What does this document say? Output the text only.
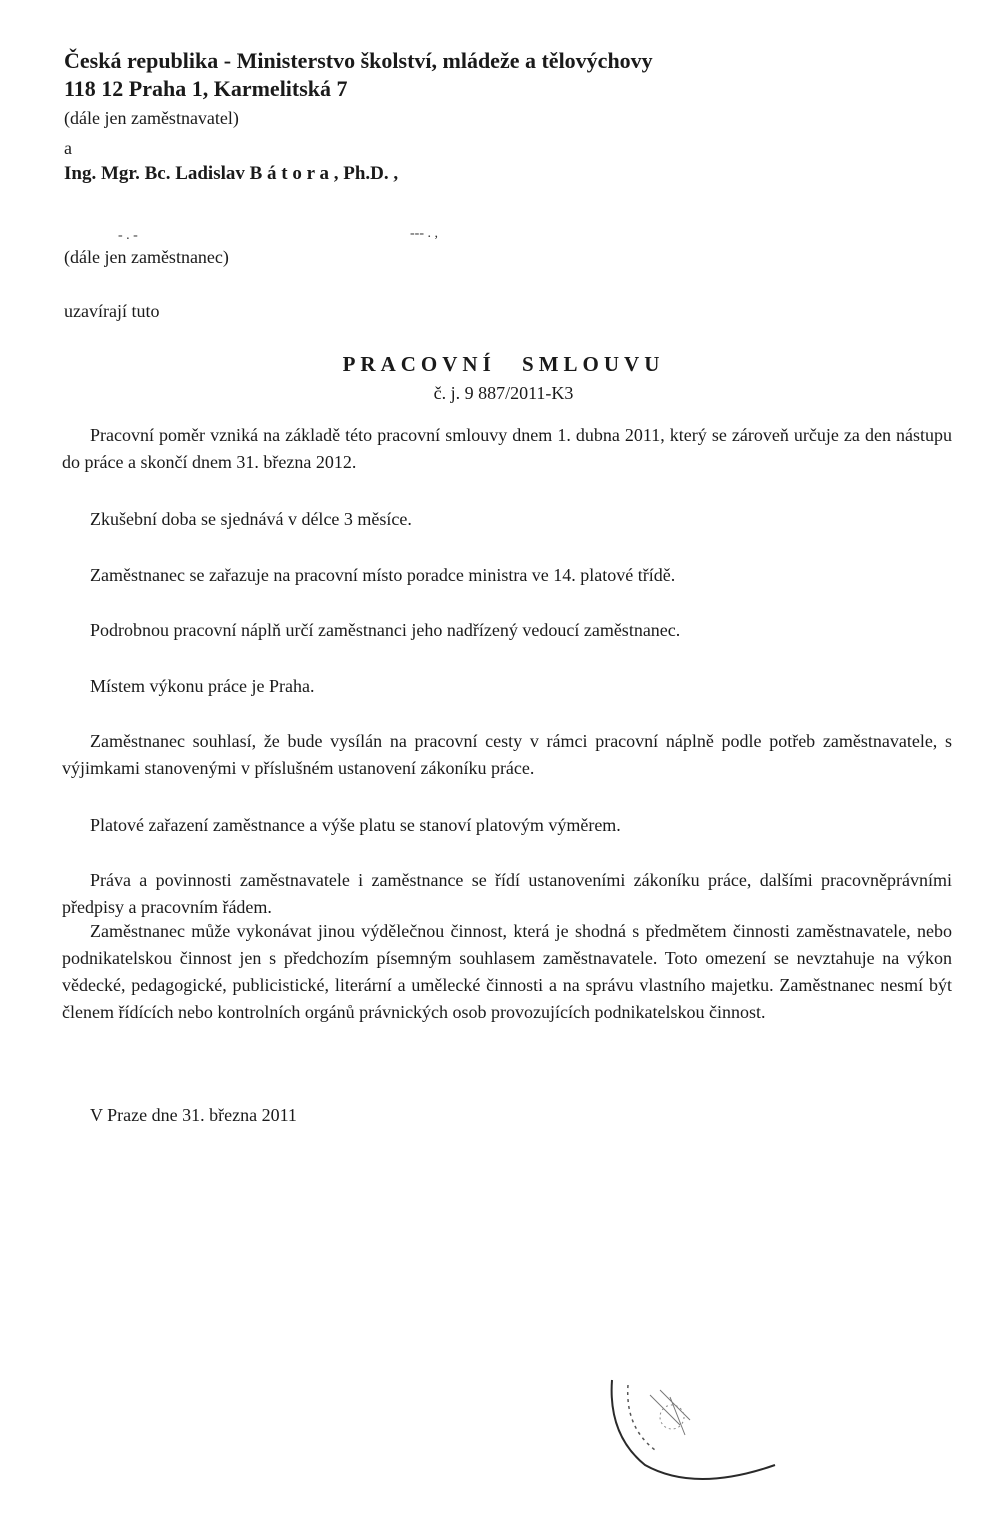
Česká republika - Ministerstvo školství, mládeže a tělovýchovy
118 12 Praha 1, Karmelitská 7
(dále jen zaměstnavatel)
a
Ing. Mgr. Bc. Ladislav B á t o r a , Ph.D. ,
- . -	--- . ,
(dále jen zaměstnanec)
uzavírají tuto
PRACOVNÍ SMLOUVU
č. j. 9 887/2011-K3

Pracovní poměr vzniká na základě této pracovní smlouvy dnem 1. dubna 2011, který se zároveň určuje za den nástupu do práce a skončí dnem 31. března 2012.

Zkušební doba se sjednává v délce 3 měsíce.

Zaměstnanec se zařazuje na pracovní místo poradce ministra ve 14. platové třídě.

Podrobnou pracovní náplň určí zaměstnanci jeho nadřízený vedoucí zaměstnanec.

Místem výkonu práce je Praha.

Zaměstnanec souhlasí, že bude vysílán na pracovní cesty v rámci pracovní náplně podle potřeb zaměstnavatele, s výjimkami stanovenými v příslušném ustanovení zákoníku práce.

Platové zařazení zaměstnance a výše platu se stanoví platovým výměrem.

Práva a povinnosti zaměstnavatele i zaměstnance se řídí ustanoveními zákoníku práce, dalšími pracovněprávními předpisy a pracovním řádem.

Zaměstnanec může vykonávat jinou výdělečnou činnost, která je shodná s předmětem činnosti zaměstnavatele, nebo podnikatelskou činnost jen s předchozím písemným souhlasem zaměstnavatele. Toto omezení se nevztahuje na výkon vědecké, pedagogické, publicistické, literární a umělecké činnosti a na správu vlastního majetku. Zaměstnanec nesmí být členem řídících nebo kontrolních orgánů právnických osob provozujících podnikatelskou činnost.

V Praze dne 31. března 2011
